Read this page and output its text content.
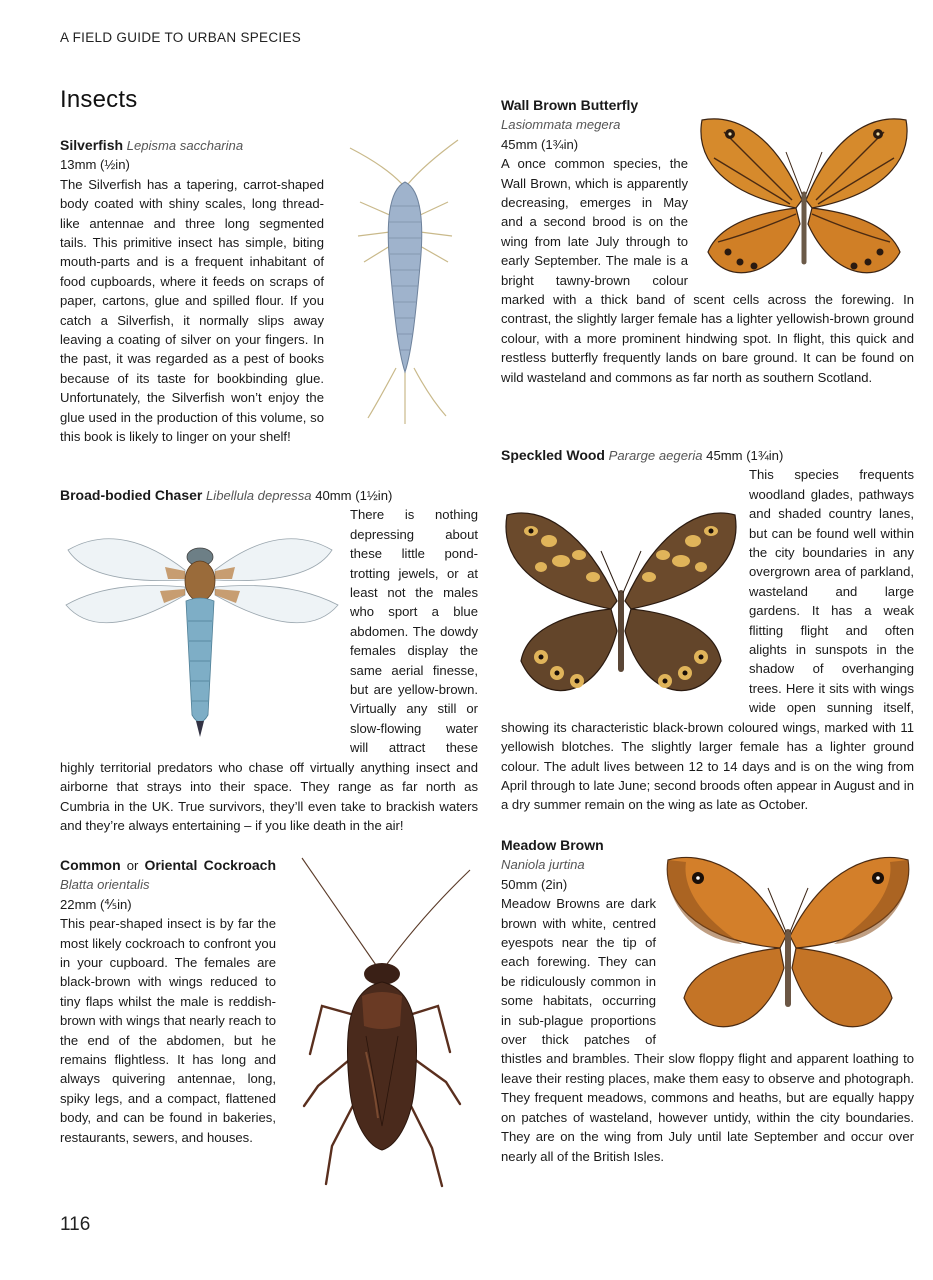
A FIELD GUIDE TO URBAN SPECIES
Insects

Silverfish Lepisma saccharina

13mm (½in)

The Silverfish has a tapering, carrot-shaped body coated with shiny scales, long thread-like antennae and three long segmented tails. This primitive insect has simple, biting mouth-parts and is a frequent inhabitant of food cupboards, where it feeds on scraps of paper, cartons, glue and spilled flour. If you catch a Silverfish, it normally slips away leaving a coating of silver on your fingers. In the past, it was regarded as a pest of books because of its taste for bookbinding glue. Unfortunately, the Silverfish won’t enjoy the glue used in the production of this volume, so this book is likely to linger on your shelf!

Broad-bodied Chaser Libellula depressa 40mm (1½in)

There is nothing depressing about these little pond-trotting jewels, or at least not the males who sport a blue abdomen. The dowdy females display the same aerial finesse, but are yellow-brown. Virtually any still or slow-flowing water will attract these highly territorial predators who chase off virtually anything insect and airborne that strays into their space. They range as far north as Cumbria in the UK. True survivors, they’ll even take to brackish waters and they’re always entertaining – if you like death in the air!

Common or Oriental Cockroach Blatta orientalis

22mm (⅘in)

This pear-shaped insect is by far the most likely cockroach to confront you in your cupboard. The females are black-brown with wings reduced to tiny flaps whilst the male is reddish-brown with wings that nearly reach to the end of the abdomen, but he remains flightless. It has long and always quivering antennae, long, spiky legs, and a compact, flattened body, and can be found in bakeries, restaurants, sewers, and houses.

Wall Brown Butterfly

Lasiommata megera

45mm (1¾in)

A once common species, the Wall Brown, which is apparently decreasing, emerges in May and a second brood is on the wing from late July through to early September. The male is a bright tawny-brown colour marked with a thick band of scent cells across the forewing. In contrast, the slightly larger female has a lighter yellowish-brown ground colour, with a more prominent hindwing spot. In flight, this quick and restless butterfly frequently lands on bare ground. It can be found on wild wasteland and commons as far north as southern Scotland.

Speckled Wood Pararge aegeria 45mm (1¾in)

This species frequents woodland glades, pathways and shaded country lanes, but can be found well within the city boundaries in any overgrown area of parkland, wasteland and large gardens. It has a weak flitting flight and often alights in sunspots in the shadow of overhanging trees. Here it sits with wings wide open sunning itself, showing its characteristic black-brown coloured wings, marked with 11 yellowish blotches. The slightly larger female has a lighter ground colour. The adult lives between 12 to 14 days and is on the wing from April through to late June; second broods often appear in August and in a dry summer remain on the wing as late as October.

Meadow Brown

Naniola jurtina

50mm (2in)

Meadow Browns are dark brown with white, centred eyespots near the tip of each forewing. They can be ridiculously common in some habitats, occurring in sub-plague proportions over thick patches of thistles and brambles. Their slow floppy flight and apparent loathing to leave their resting places, make them easy to observe and photograph. They frequent meadows, commons and heaths, but are equally happy on patches of wasteland, however untidy, within the city boundaries. They are on the wing from July until late September and occur over nearly all of the British Isles.

116
